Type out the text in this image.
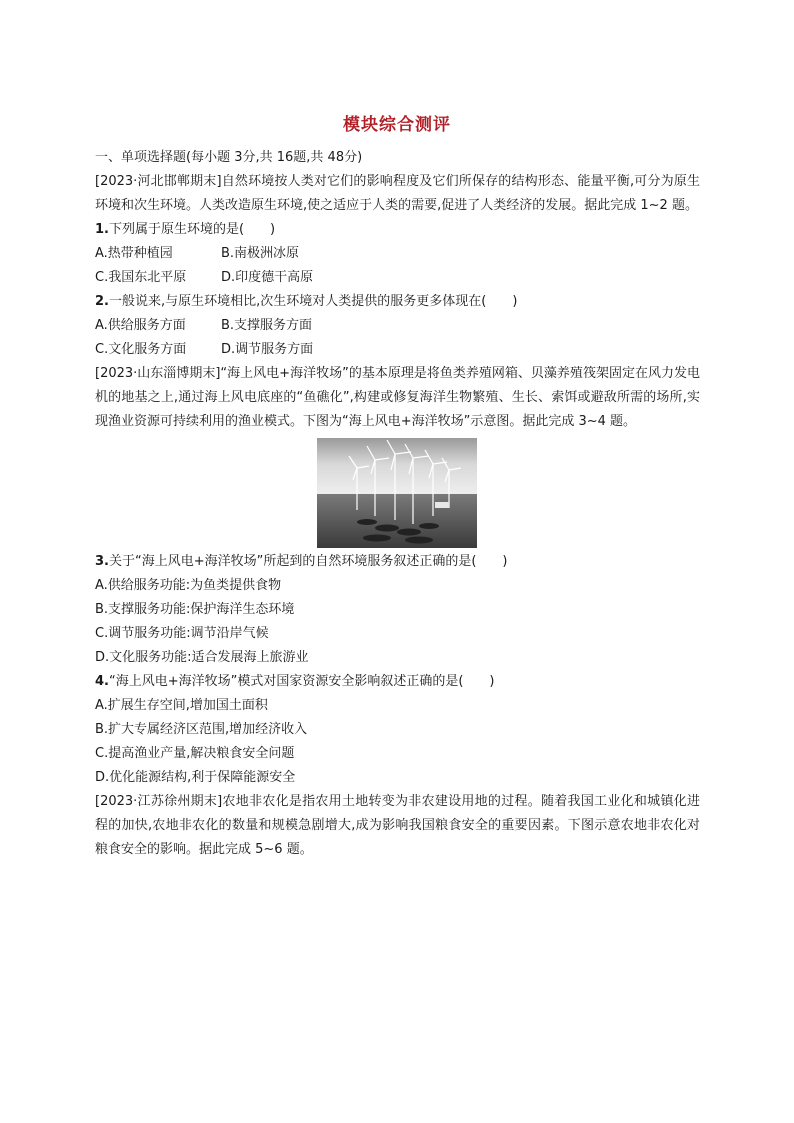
模块综合测评

一、单项选择题(每小题 3分,共 16题,共 48分)

[2023·河北邯郸期末]自然环境按人类对它们的影响程度及它们所保存的结构形态、能量平衡,可分为原生环境和次生环境。人类改造原生环境,使之适应于人类的需要,促进了人类经济的发展。据此完成 1~2 题。

1.下列属于原生环境的是(　　)

A.热带种植园	B.南极洲冰原
C.我国东北平原	D.印度德干高原

2.一般说来,与原生环境相比,次生环境对人类提供的服务更多体现在(　　)

A.供给服务方面	B.支撑服务方面
C.文化服务方面	D.调节服务方面

[2023·山东淄博期末]“海上风电+海洋牧场”的基本原理是将鱼类养殖网箱、贝藻养殖筏架固定在风力发电机的地基之上,通过海上风电底座的“鱼礁化”,构建或修复海洋生物繁殖、生长、索饵或避敌所需的场所,实现渔业资源可持续利用的渔业模式。下图为“海上风电+海洋牧场”示意图。据此完成 3~4 题。

3.关于“海上风电+海洋牧场”所起到的自然环境服务叙述正确的是(　　)

A.供给服务功能:为鱼类提供食物

B.支撑服务功能:保护海洋生态环境

C.调节服务功能:调节沿岸气候

D.文化服务功能:适合发展海上旅游业

4.“海上风电+海洋牧场”模式对国家资源安全影响叙述正确的是(　　)

A.扩展生存空间,增加国土面积

B.扩大专属经济区范围,增加经济收入

C.提高渔业产量,解决粮食安全问题

D.优化能源结构,利于保障能源安全

[2023·江苏徐州期末]农地非农化是指农用土地转变为非农建设用地的过程。随着我国工业化和城镇化进程的加快,农地非农化的数量和规模急剧增大,成为影响我国粮食安全的重要因素。下图示意农地非农化对粮食安全的影响。据此完成 5~6 题。
